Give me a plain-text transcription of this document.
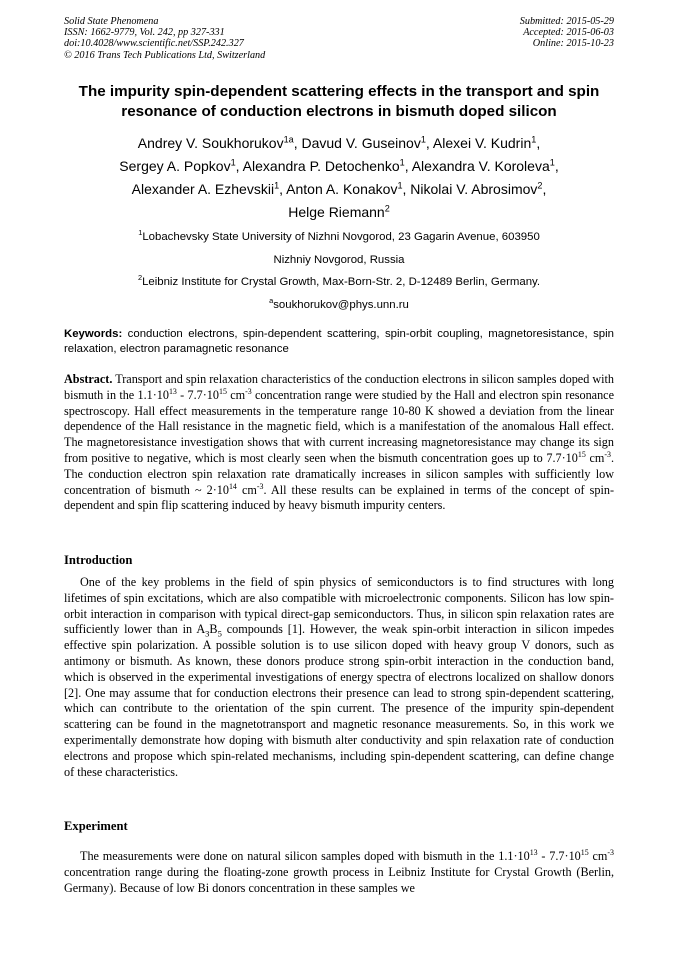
Solid State Phenomena
ISSN: 1662-9779, Vol. 242, pp 327-331
doi:10.4028/www.scientific.net/SSP.242.327
© 2016 Trans Tech Publications Ltd, Switzerland
Submitted: 2015-05-29
Accepted: 2015-06-03
Online: 2015-10-23
The impurity spin-dependent scattering effects in the transport and spin resonance of conduction electrons in bismuth doped silicon
Andrey V. Soukhorukov$^{1a}$, Davud V. Guseinov$^1$, Alexei V. Kudrin$^1$,
Sergey A. Popkov$^1$, Alexandra P. Detochenko$^1$, Alexandra V. Koroleva$^1$,
Alexander A. Ezhevskii$^1$, Anton A. Konakov$^1$, Nikolai V. Abrosimov$^2$,
Helge Riemann$^2$
$^1$Lobachevsky State University of Nizhni Novgorod, 23 Gagarin Avenue, 603950
Nizhniy Novgorod, Russia
$^2$Leibniz Institute for Crystal Growth, Max-Born-Str. 2, D-12489 Berlin, Germany.
$^a$soukhorukov@phys.unn.ru
Keywords: conduction electrons, spin-dependent scattering, spin-orbit coupling, magnetoresistance, spin relaxation, electron paramagnetic resonance
Abstract. Transport and spin relaxation characteristics of the conduction electrons in silicon samples doped with bismuth in the $1.1\cdot 10^{13} - 7.7\cdot 10^{15}$ $cm^{-3}$ concentration range were studied by the Hall and electron spin resonance spectroscopy. Hall effect measurements in the temperature range 10-80 K showed a deviation from the linear dependence of the Hall resistance in the magnetic field, which is a manifestation of the anomalous Hall effect. The magnetoresistance investigation shows that with current increasing magnetoresistance may change its sign from positive to negative, which is most clearly seen when the bismuth concentration goes up to $7.7\cdot 10^{15}$ $cm^{-3}$. The conduction electron spin relaxation rate dramatically increases in silicon samples with sufficiently low concentration of bismuth ~ $2\cdot 10^{14}$ $cm^{-3}$. All these results can be explained in terms of the concept of spin-dependent and spin flip scattering induced by heavy bismuth impurity centers.
Introduction
One of the key problems in the field of spin physics of semiconductors is to find structures with long lifetimes of spin excitations, which are also compatible with microelectronic components. Silicon has low spin-orbit interaction in comparison with typical direct-gap semiconductors. Thus, in silicon spin relaxation rates are sufficiently lower than in $A_3B_5$ compounds [1]. However, the weak spin-orbit interaction in silicon impedes effective spin polarization. A possible solution is to use silicon doped with heavy group V donors, such as antimony or bismuth. As known, these donors produce strong spin-orbit interaction in the conduction band, which is observed in the experimental investigations of energy spectra of electrons localized on shallow donors [2]. One may assume that for conduction electrons their presence can lead to strong spin-dependent scattering, which can contribute to the orientation of the spin current. The presence of the impurity spin-dependent scattering can be found in the magnetotransport and magnetic resonance measurements. So, in this work we experimentally demonstrate how doping with bismuth alter conductivity and spin relaxation rate of conduction electrons and propose which spin-related mechanisms, including spin-dependent scattering, can define change of these characteristics.
Experiment
The measurements were done on natural silicon samples doped with bismuth in the $1.1\cdot 10^{13} - 7.7\cdot 10^{15}$ $cm^{-3}$ concentration range during the floating-zone growth process in Leibniz Institute for Crystal Growth (Berlin, Germany). Because of low Bi donors concentration in these samples we
